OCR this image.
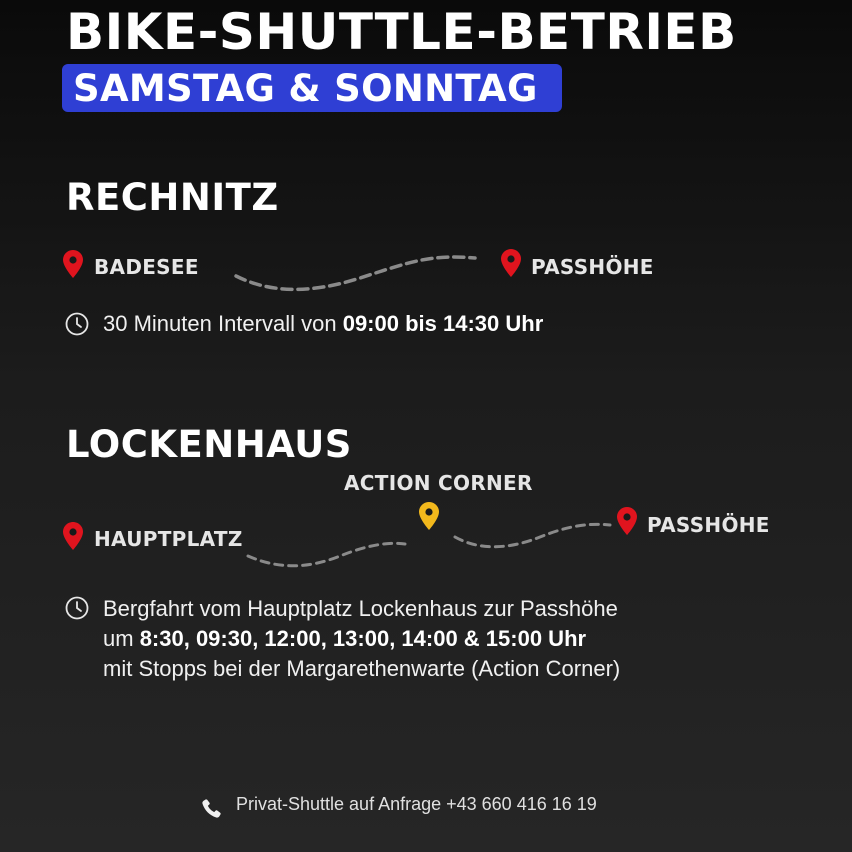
BIKE-SHUTTLE-BETRIEB
SAMSTAG & SONNTAG
RECHNITZ
BADESEE	PASSHÖHE
30 Minuten Intervall von 09:00 bis 14:30 Uhr
LOCKENHAUS
ACTION CORNER
HAUPTPLATZ
PASSHÖHE
Bergfahrt vom Hauptplatz Lockenhaus zur Passhöhe
um 8:30, 09:30, 12:00, 13:00, 14:00 & 15:00 Uhr
mit Stopps bei der Margarethenwarte (Action Corner)
Privat-Shuttle auf Anfrage +43 660 416 16 19
